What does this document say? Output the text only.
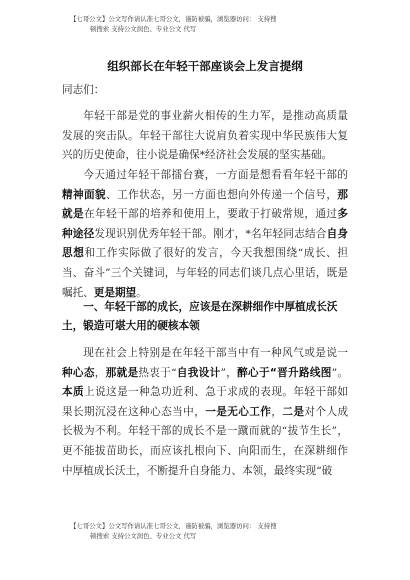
【七哥公文】公文写作请认准七哥公文，谨防被骗，浏览器访问： 支持搜
顿搜索 支持公文润色、专业公文 代写
组织部长在年轻干部座谈会上发言提纲
同志们：
年轻干部是党的事业薪火相传的生力军，是推动高质量发展的突击队。年轻干部往大说肩负着实现中华民族伟大复兴的历史使命，往小说是确保*经济社会发展的坚实基础。
今天通过年轻干部擂台赛，一方面是想看看年轻干部的精神面貌、工作状态，另一方面也想向外传递一个信号，那就是在年轻干部的培养和使用上，要敢于打破常规，通过多种途径发现识别优秀年轻干部。刚才，*名年轻同志结合自身思想和工作实际做了很好的发言，今天我想围绕“成长、担当、奋斗”三个关键词，与年轻的同志们谈几点心里话，既是嘱托、更是期望。
一、年轻干部的成长，应该是在深耕细作中厚植成长沃土，锻造可堪大用的硬核本领
现在社会上特别是在年轻干部当中有一种风气或是说一种心态，那就是热衷于“自我设计”，醉心于“晋升路线图”。本质上说这是一种急功近利、急于求成的表现。年轻干部如果长期沉浸在这种心态当中，一是无心工作，二是对个人成长极为不利。年轻干部的成长不是一蹴而就的“拔节生长”，更不能拔苗助长，而应该扎根向下、向阳而生，在深耕细作中厚植成长沃土，不断提升自身能力、本领，最终实现“破
【七哥公文】公文写作请认准七哥公文，谨防被骗，浏览器访问： 支持搜
顿搜索 支持公文润色、专业公文 代写
